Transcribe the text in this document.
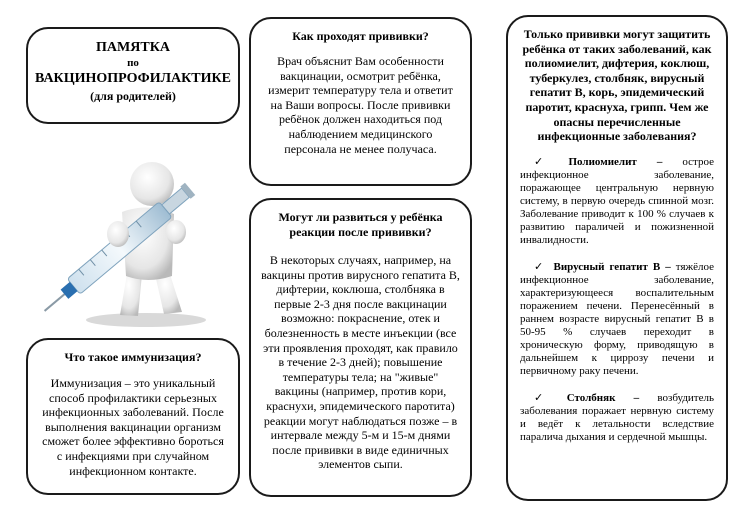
ПАМЯТКА

по

ВАКЦИНОПРОФИЛАКТИКЕ

(для родителей)

Что такое иммунизация?

Иммунизация – это уникальный способ профилактики серьезных инфекционных заболеваний. После выполнения вакцинации организм сможет более эффективно бороться с инфекциями при случайном инфекционном контакте.

Как проходят прививки?

Врач объяснит Вам особенности вакцинации, осмотрит ребёнка, измерит температуру тела и ответит на Ваши вопросы. После прививки ребёнок должен находиться под наблюдением медицинского персонала не менее получаса.

Могут ли развиться у ребёнка реакции после прививки?

В некоторых случаях, например, на вакцины против вирусного гепатита В, дифтерии, коклюша, столбняка в первые 2-3 дня после вакцинации возможно: покраснение, отек и болезненность в месте инъекции (все эти проявления проходят, как правило в течение 2-3 дней); повышение температуры тела; на "живые" вакцины (например, против кори, краснухи, эпидемического паротита) реакции могут наблюдаться позже – в интервале между 5-м и 15-м днями после прививки в виде единичных элементов сыпи.

Только прививки могут защитить ребёнка от таких заболеваний, как полиомиелит, дифтерия, коклюш, туберкулез, столбняк, вирусный гепатит В, корь, эпидемический паротит, краснуха, грипп. Чем же опасны перечисленные инфекционные заболевания?

✓ Полиомиелит – острое инфекционное заболевание, поражающее центральную нервную систему, в первую очередь спинной мозг. Заболевание приводит к 100 % случаев к развитию параличей и пожизненной инвалидности.
✓ Вирусный гепатит В – тяжёлое инфекционное заболевание, характеризующееся воспалительным поражением печени. Перенесённый в раннем возрасте вирусный гепатит В в 50-95 % случаев переходит в хроническую форму, приводящую в дальнейшем к циррозу печени и первичному раку печени.
✓ Столбняк – возбудитель заболевания поражает нервную систему и ведёт к летальности вследствие паралича дыхания и сердечной мышцы.
